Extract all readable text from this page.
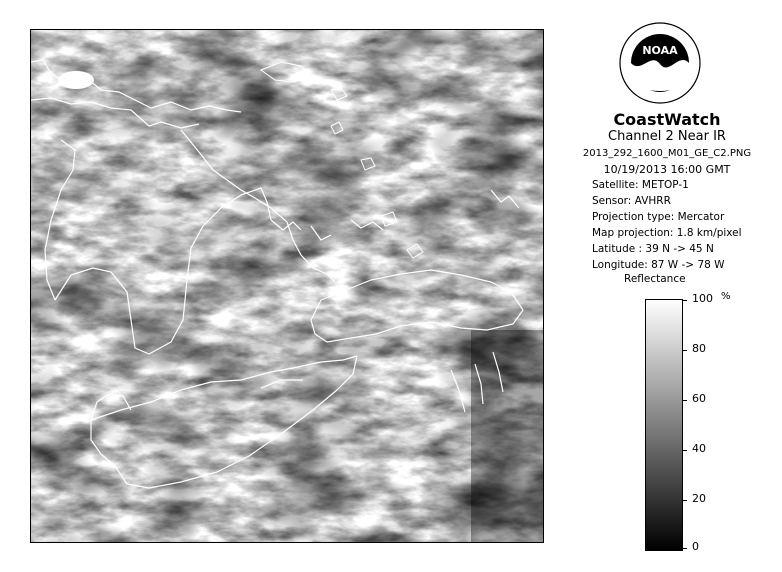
NOAA
CoastWatch
Channel 2 Near IR
2013_292_1600_M01_GE_C2.PNG
10/19/2013 16:00 GMT
Satellite: METOP-1
Sensor: AVHRR
Projection type: Mercator
Map projection: 1.8 km/pixel
Latitude : 39 N -> 45 N
Longitude: 87 W -> 78 W
Reflectance
%
100
80
60
40
20
0
